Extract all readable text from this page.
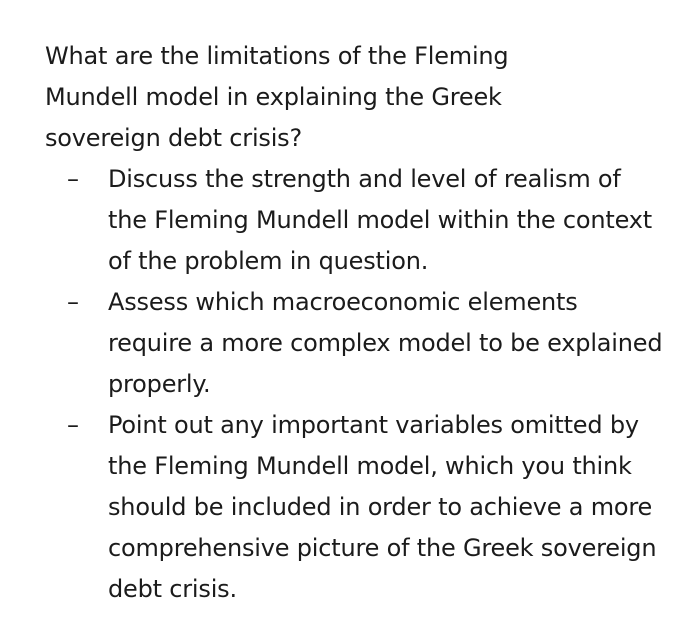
What are the limitations of the Fleming Mundell model in explaining the Greek sovereign debt crisis?

– Discuss the strength and level of realism of the Fleming Mundell model within the context of the problem in question.
– Assess which macroeconomic elements require a more complex model to be explained properly.
– Point out any important variables omitted by the Fleming Mundell model, which you think should be included in order to achieve a more comprehensive picture of the Greek sovereign debt crisis.
